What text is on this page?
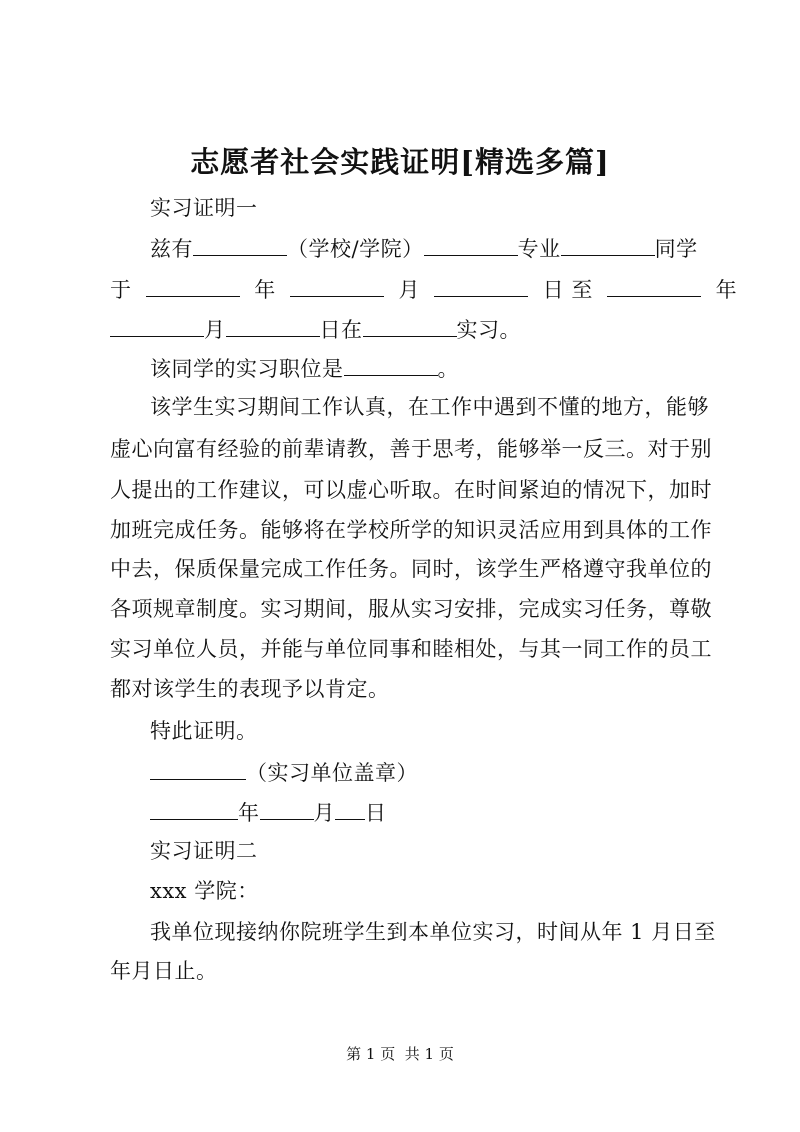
志愿者社会实践证明[精选多篇]
实习证明一
兹有	（学校/学院）	专业	同学
于	年	月	日 至	年
月	日在	实习。
该同学的实习职位是	。
该学生实习期间工作认真，在工作中遇到不懂的地方，能够
虚心向富有经验的前辈请教，善于思考，能够举一反三。对于别
人提出的工作建议，可以虚心听取。在时间紧迫的情况下，加时
加班完成任务。能够将在学校所学的知识灵活应用到具体的工作
中去，保质保量完成工作任务。同时，该学生严格遵守我单位的
各项规章制度。实习期间，服从实习安排，完成实习任务，尊敬
实习单位人员，并能与单位同事和睦相处，与其一同工作的员工
都对该学生的表现予以肯定。
特此证明。
（实习单位盖章）
年	月 日
实习证明二
xxx 学院：
我单位现接纳你院班学生到本单位实习，时间从年 1 月日至
年月日止。
第 1 页  共 1 页
